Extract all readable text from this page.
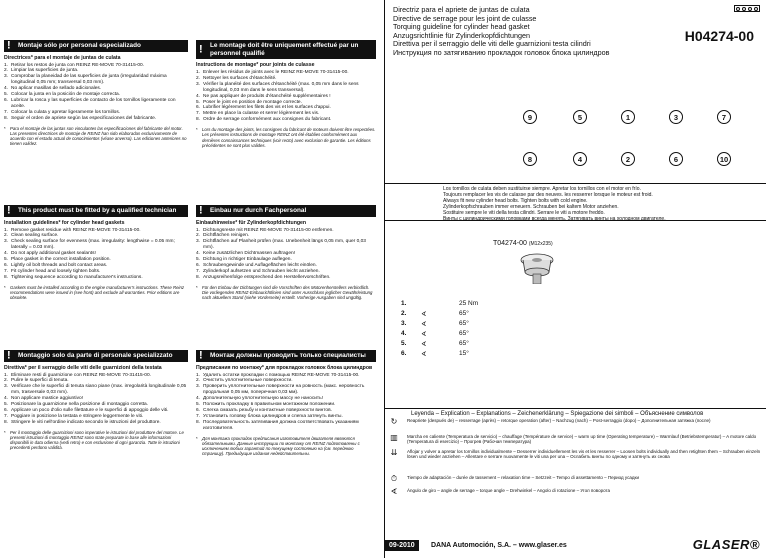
! Montaje sólo por personal especializado
Directrices* para el montaje de juntas de culata
1. Retirar los restos de junta con REINZ RE-MOVE 70-31415-00.
2. Limpiar las superficies de junta.
3. Comprobar la planeidad de las superficies de junta (irregularidad máxima longitudinal 0,05 mm; transversal 0,03 mm).
4. No aplicar masillas de sellado adicionales.
5. Colocar la junta en la posición de montaje correcta.
6. Lubricar la rosca y las superficies de contacto de los tornillos ligeramente con aceite.
7. Colocar la culata y apretar ligeramente los tornillos.
8. Seguir el orden de apriete según las especificaciones del fabricante.
* Para el montaje de las juntas son vinculantes las especificaciones del fabricante del motor. Las presentes directrices de montaje de REINZ han sido elaboradas exclusivamente de acuerdo con el estado actual de conocimientos (véase anverso). Las ediciones anteriores no tienen validez.
! This product must be fitted by a qualified technician
Installation guidelines* for cylinder head gaskets
1. Remove gasket residue with REINZ RE-MOVE 70-31415-00.
2. Clean sealing surface.
3. Check sealing surface for evenness (max. irregularity: lengthwise = 0.05 mm; laterally = 0.03 mm).
4. Do not apply additional gasket sealants!
5. Place gasket in the correct installation position.
6. Lightly oil bolt threads and bolt contact areas.
7. Fit cylinder head and loosely tighten bolts.
8. Tightening sequence according to manufacturer's instructions.
* Gaskets must be installed according to the engine manufacturer's instructions. These Reinz recommendations were issued in (see front) and exclude all warranties. Prior editions are obsolete.
! Montaggio solo da parte di personale specializzato
Direttiva* per il serraggio delle viti delle guarnizioni della testata
1. Eliminare resti di guarnizione con REINZ RE-MOVE 70-31415-00.
2. Pulire le superfici di tenuta.
3. Verificare che le superfici di tenuta siano piane (max. irregolarità longitudinale 0,05 mm, trasversale 0,03 mm).
4. Non applicare mastice aggiuntivo!
5. Posizionare la guarnizione nella posizione di montaggio corretta.
6. Applicare un poco d'olio sulle filettature e le superfici di appoggio delle viti.
7. Poggiare in posizione la testata e stringere leggermente le viti.
8. Stringere le viti nell'ordine indicato secondo le istruzioni del produttore.
* Per il montaggio delle guarnizioni sono imperative le istruzioni del produttore del motore. Le presenti istruzioni di montaggio REINZ sono state preparate in base alle informazioni disponibili in data odierna (vedi retro) e con esclusione di ogni garanzia. Tutte le istruzioni precedenti perdono validità.
! Le montage doit être uniquement effectué par un personnel qualifié
Instructions de montage* pour joints de culasse
1. Enlever les résidus de joints avec le REINZ RE-MOVE 70-31415-00.
2. Nettoyer les surfaces d'étanchéité.
3. Vérifier la planéité des surfaces d'étanchéité (max. 0,05 mm dans le sens longitudinal, 0,03 mm dans le sens transversal).
4. Ne pas appliquer de produits d'étanchéité supplémentaires !
5. Poser le joint en position de montage correcte.
6. Lubrifier légèrement les filets des vis et les surfaces d'appui.
7. Mettre en place la culasse et serrer légèrement les vis.
8. Ordre de serrage conformément aux consignes du fabricant.
* Lors du montage des joints, les consignes du fabricant de moteurs doivent être respectées. Les présentes instructions de montage REINZ ont été établies conformément aux dernières connaissances techniques (voir recto) avec exclusion de garantie. Les éditions précédentes ne sont plus valides.
! Einbau nur durch Fachpersonal
Einbauhinweise* für Zylinderkopfdichtungen
1. Dichtungsreste mit REINZ RE-MOVE 70-31415-00 entfernen.
2. Dichtflächen reinigen.
3. Dichtflächen auf Planheit prüfen (max. Unebenheit längs 0,05 mm, quer 0,03 mm).
4. Keine zusätzlichen Dichtmassen auftragen!
5. Dichtung in richtiger Einbaulage auflegen.
6. Schraubengewinde und Auflageflächen leicht einölen.
7. Zylinderkopf aufsetzen und Schrauben leicht anziehen.
8. Anzugsreihenfolge entsprechend den Herstellervorschriften.
* Für den Einbau der Dichtungen sind die Vorschriften des Motorenherstellers verbindlich. Die vorliegenden REINZ-Einbaurichtlinien sind unter Ausschluss jeglicher Gewährleistung nach aktuellem Stand (siehe Vorderseite) erstellt. Vorherige Ausgaben sind ungültig.
! Монтаж должны проводить только специалисты
Предписания по монтажу* для прокладок головок блока цилиндров
1. Удалить остатки прокладки с помощью REINZ RE-MOVE 70-31415-00.
2. Очистить уплотнительные поверхности.
3. Проверить уплотнительные поверхности на ровность (макс. неровность продольная 0,05 мм, поперечная 0,03 мм).
4. Дополнительную уплотнительную массу не наносить!
5. Положить прокладку в правильном монтажном положении.
6. Слегка смазать резьбу и контактные поверхности винтов.
7. Установить головку блока цилиндров и слегка затянуть винты.
8. Последовательность затягивания должна соответствовать указаниям изготовителя.
* Для монтажа прокладок предписания изготовителя двигателя являются обязательными. Данные инструкции по монтажу от REINZ подготовлены с исключением любых гарантий по текущему состоянию на (см. переднюю страницу). Предыдущие издания недействительны.
Directriz para el apriete de juntas de culata
Directive de serrage pour les joint de culasse
Torquing guideline for cylinder head gasket
Anzugsrichtlinie für Zylinderkopfdichtungen
Direttiva per il serraggio delle viti delle guarnizioni testa cilindri
Инструкция по затягиванию прокладок головок блока цилиндров
H04274-00
9	5	1	3	7
8	4	2	6	10
Los tornillos de culata deben sustituirse siempre. Apretar los tornillos con el motor en frío.
Toujours remplacer les vis de culasse par des neuves. les resserrer lorsque le moteur est froid.
Always fit new cylinder head bolts. Tighten bolts with cold engine.
Zylinderkopfschrauben immer erneuern. Schrauben bei kaltem Motor anziehen.
Sostituire sempre le viti della testa cilindri. Serrare le viti a motore freddo.
Винты с цилиндрическими головками всегда менять. Затягивать винты на холодном двигателе.
T04274-00 (M12x235)
1.	25 Nm
2. ∢	65°
3. ∢	65°
4. ∢	65°
5. ∢	65°
6. ∢	15°
Leyenda – Explication – Explanations – Zeichenerklärung – Spiegazione dei simboli – Объяснение символов
↻	Reapriete (después de) – resserrage (après) – retorque operation (after) – Nachzug (nach) – Post-serraggio (dopo) – Дополнительная затяжка (после)
▥	Marcha en caliente (Temperatura de servicio) – chauffage (Température de service) – warm up time (Operating temperature) – Warmlauf (Betriebstemperatur) – A motore caldo (Temperatura di esercizio) – Прогрев (Рабочая температура)
⇊	Aflojar y volver a apretar los tornillos individualmente – Desserrer individuellement les vis et les resserrer – Loosen bolts individually and then retighten them – Schrauben einzeln lösen und wieder anziehen – Allentare e serrare nuovamente le viti una per una – Ослабить винты по одному и затянуть их снова
⏱	Tiempo de adaptación – durée de tassement – relaxation time – Setzzeit – Tempo di assettamento – Период усадки
∢	Ángulo de giro – angle de serrage – torque angle – Drehwinkel – Angolo di rotazione – Угол поворота
09-2010	DANA Automoción, S.A. – www.glaser.es	GLASER®
